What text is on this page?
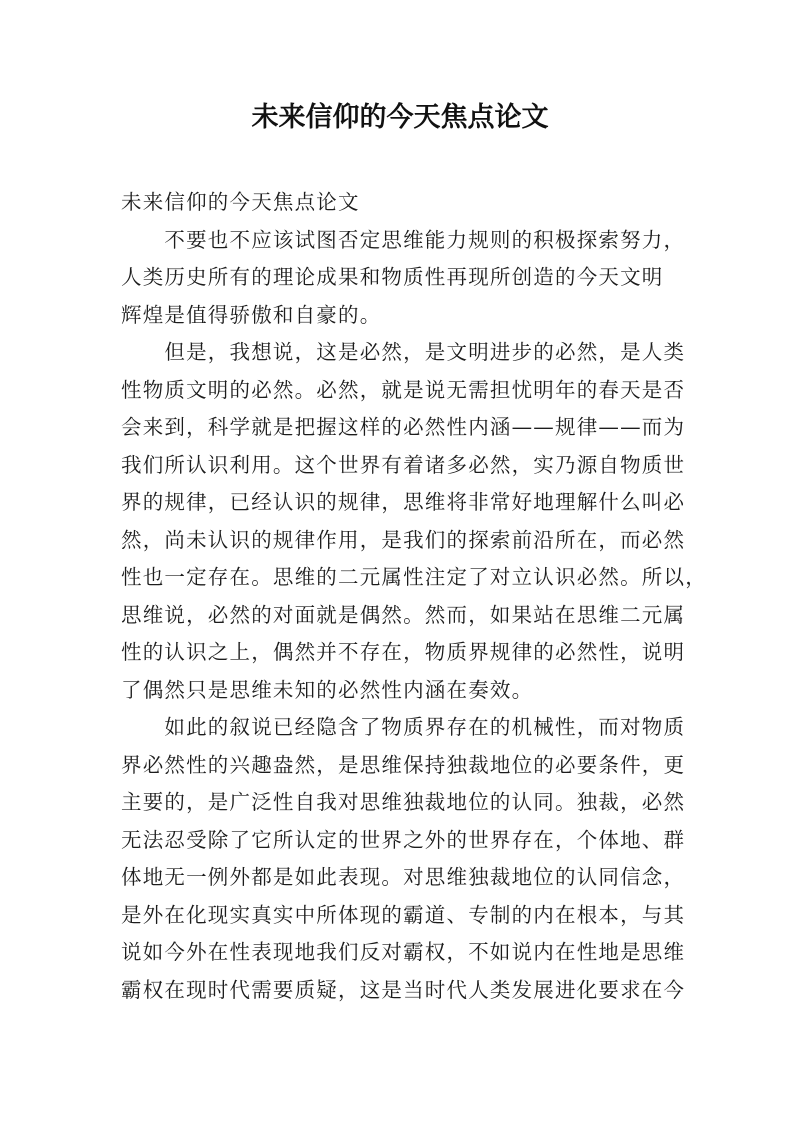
未来信仰的今天焦点论文
未来信仰的今天焦点论文
　　不要也不应该试图否定思维能力规则的积极探索努力，
人类历史所有的理论成果和物质性再现所创造的今天文明
辉煌是值得骄傲和自豪的。
　　但是，我想说，这是必然，是文明进步的必然，是人类
性物质文明的必然。必然，就是说无需担忧明年的春天是否
会来到，科学就是把握这样的必然性内涵——规律——而为
我们所认识利用。这个世界有着诸多必然，实乃源自物质世
界的规律，已经认识的规律，思维将非常好地理解什么叫必
然，尚未认识的规律作用，是我们的探索前沿所在，而必然
性也一定存在。思维的二元属性注定了对立认识必然。所以，
思维说，必然的对面就是偶然。然而，如果站在思维二元属
性的认识之上，偶然并不存在，物质界规律的必然性，说明
了偶然只是思维未知的必然性内涵在奏效。
　　如此的叙说已经隐含了物质界存在的机械性，而对物质
界必然性的兴趣盎然，是思维保持独裁地位的必要条件，更
主要的，是广泛性自我对思维独裁地位的认同。独裁，必然
无法忍受除了它所认定的世界之外的世界存在，个体地、群
体地无一例外都是如此表现。对思维独裁地位的认同信念，
是外在化现实真实中所体现的霸道、专制的内在根本，与其
说如今外在性表现地我们反对霸权，不如说内在性地是思维
霸权在现时代需要质疑，这是当时代人类发展进化要求在今
